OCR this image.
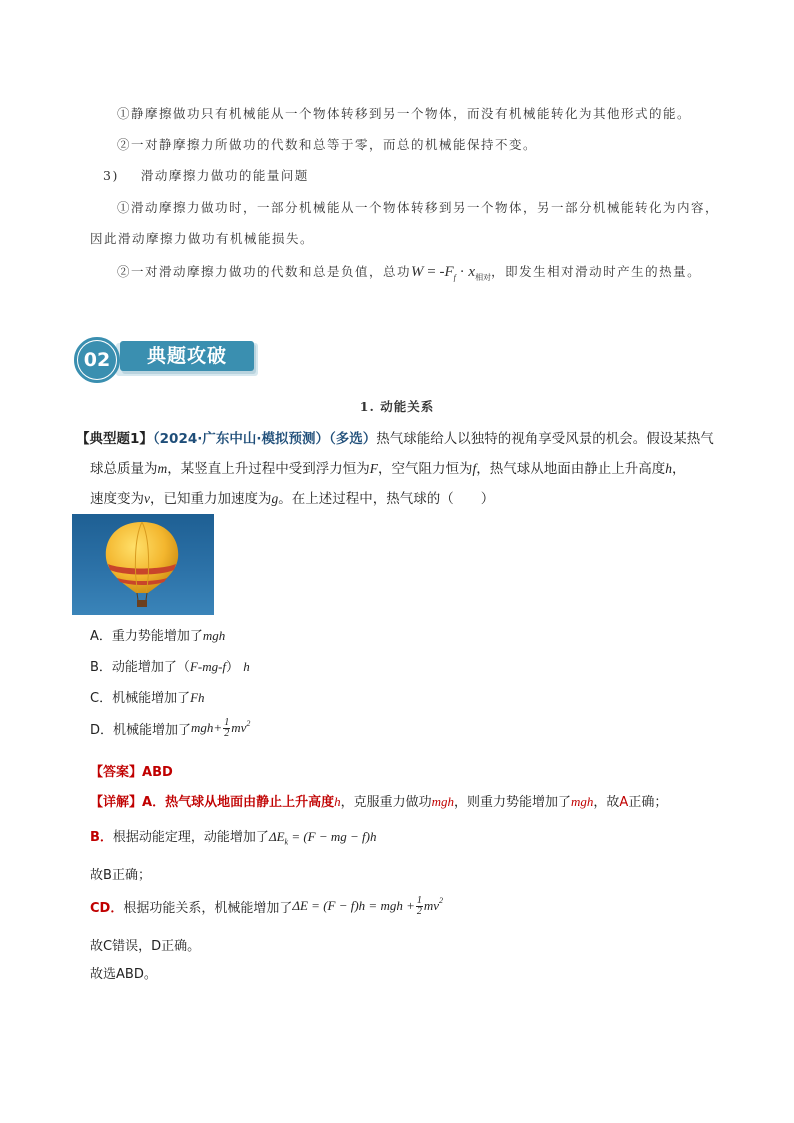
①静摩擦做功只有机械能从一个物体转移到另一个物体，而没有机械能转化为其他形式的能。
②一对静摩擦力所做功的代数和总等于零，而总的机械能保持不变。
3) 滑动摩擦力做功的能量问题
①滑动摩擦力做功时，一部分机械能从一个物体转移到另一个物体，另一部分机械能转化为内容，
因此滑动摩擦力做功有机械能损失。
②一对滑动摩擦力做功的代数和总是负值，总功$W = -F_f \cdot x_{相对}$，即发生相对滑动时产生的热量。
典题攻破
02
1. 动能关系
【典型题1】（2024·广东中山·模拟预测）（多选）热气球能给人以独特的视角享受风景的机会。假设某热气
球总质量为m，某竖直上升过程中受到浮力恒为F，空气阻力恒为f，热气球从地面由静止上升高度h，
速度变为v，已知重力加速度为g。在上述过程中，热气球的（　　）
A．重力势能增加了mgh
B．动能增加了（F-mg-f） h
C．机械能增加了Fh
D．机械能增加了 $mgh+ \frac{1}{2} mv^2$
【答案】ABD
【详解】A．热气球从地面由静止上升高度h，克服重力做功mgh，则重力势能增加了mgh，故A正确；
B．根据动能定理，动能增加了$\Delta E_k = (F$ − mg − f)h
故B正确；
CD． 根据功能关系，机械能增加了 ΔE = (F − f)h = mgh + $\frac{1}{2} mv^2$
故C错误，D正确。
故选ABD。
